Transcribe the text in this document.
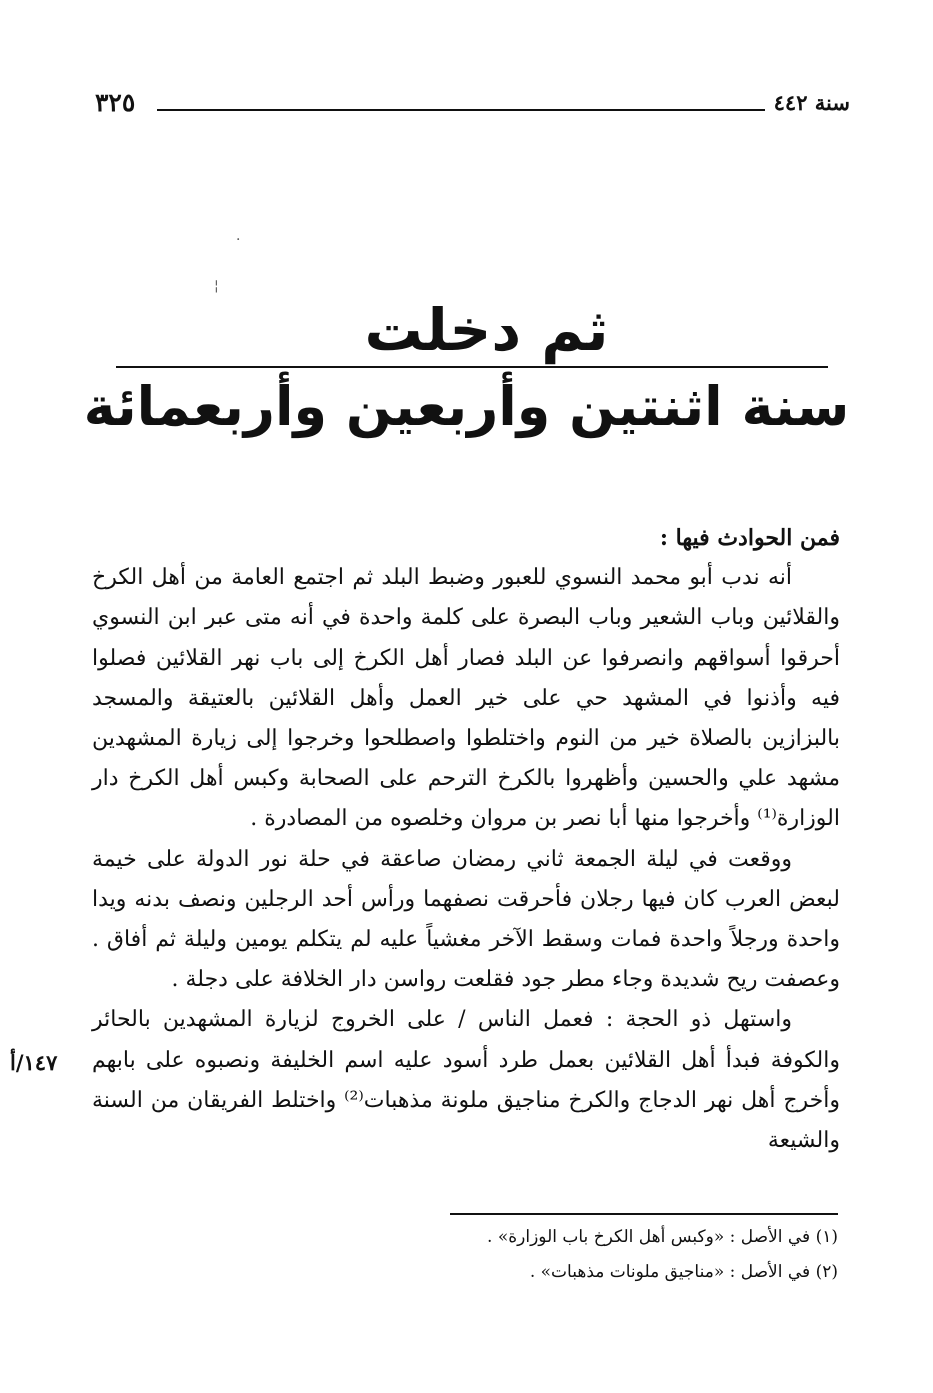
٣٢٥	سنة ٤٤٢
·
¦
ثم دخلت
سنة اثنتين وأربعين وأربعمائة

فمن الحوادث فيها :

أنه ندب أبو محمد النسوي للعبور وضبط البلد ثم اجتمع العامة من أهل الكرخ والقلائين وباب الشعير وباب البصرة على كلمة واحدة في أنه متى عبر ابن النسوي أحرقوا أسواقهم وانصرفوا عن البلد فصار أهل الكرخ إلى باب نهر القلائين فصلوا فيه وأذنوا في المشهد حي على خير العمل وأهل القلائين بالعتيقة والمسجد بالبزازين بالصلاة خير من النوم واختلطوا واصطلحوا وخرجوا إلى زيارة المشهدين مشهد علي والحسين وأظهروا بالكرخ الترحم على الصحابة وكبس أهل الكرخ دار الوزارة⁽¹⁾ وأخرجوا منها أبا نصر بن مروان وخلصوه من المصادرة .

ووقعت في ليلة الجمعة ثاني رمضان صاعقة في حلة نور الدولة على خيمة لبعض العرب كان فيها رجلان فأحرقت نصفهما ورأس أحد الرجلين ونصف بدنه ويدا واحدة ورجلاً واحدة فمات وسقط الآخر مغشياً عليه لم يتكلم يومين وليلة ثم أفاق . وعصفت ريح شديدة وجاء مطر جود فقلعت رواسن دار الخلافة على دجلة .

واستهل ذو الحجة : فعمل الناس / على الخروج لزيارة المشهدين بالحائر والكوفة فبدأ أهل القلائين بعمل طرد أسود عليه اسم الخليفة ونصبوه على بابهم وأخرج أهل نهر الدجاج والكرخ مناجيق ملونة مذهبات⁽²⁾ واختلط الفريقان من السنة والشيعة

١٤٧/أ
(١) في الأصل : «وكبس أهل الكرخ باب الوزارة» .
(٢) في الأصل : «مناجيق ملونات مذهبات» .
